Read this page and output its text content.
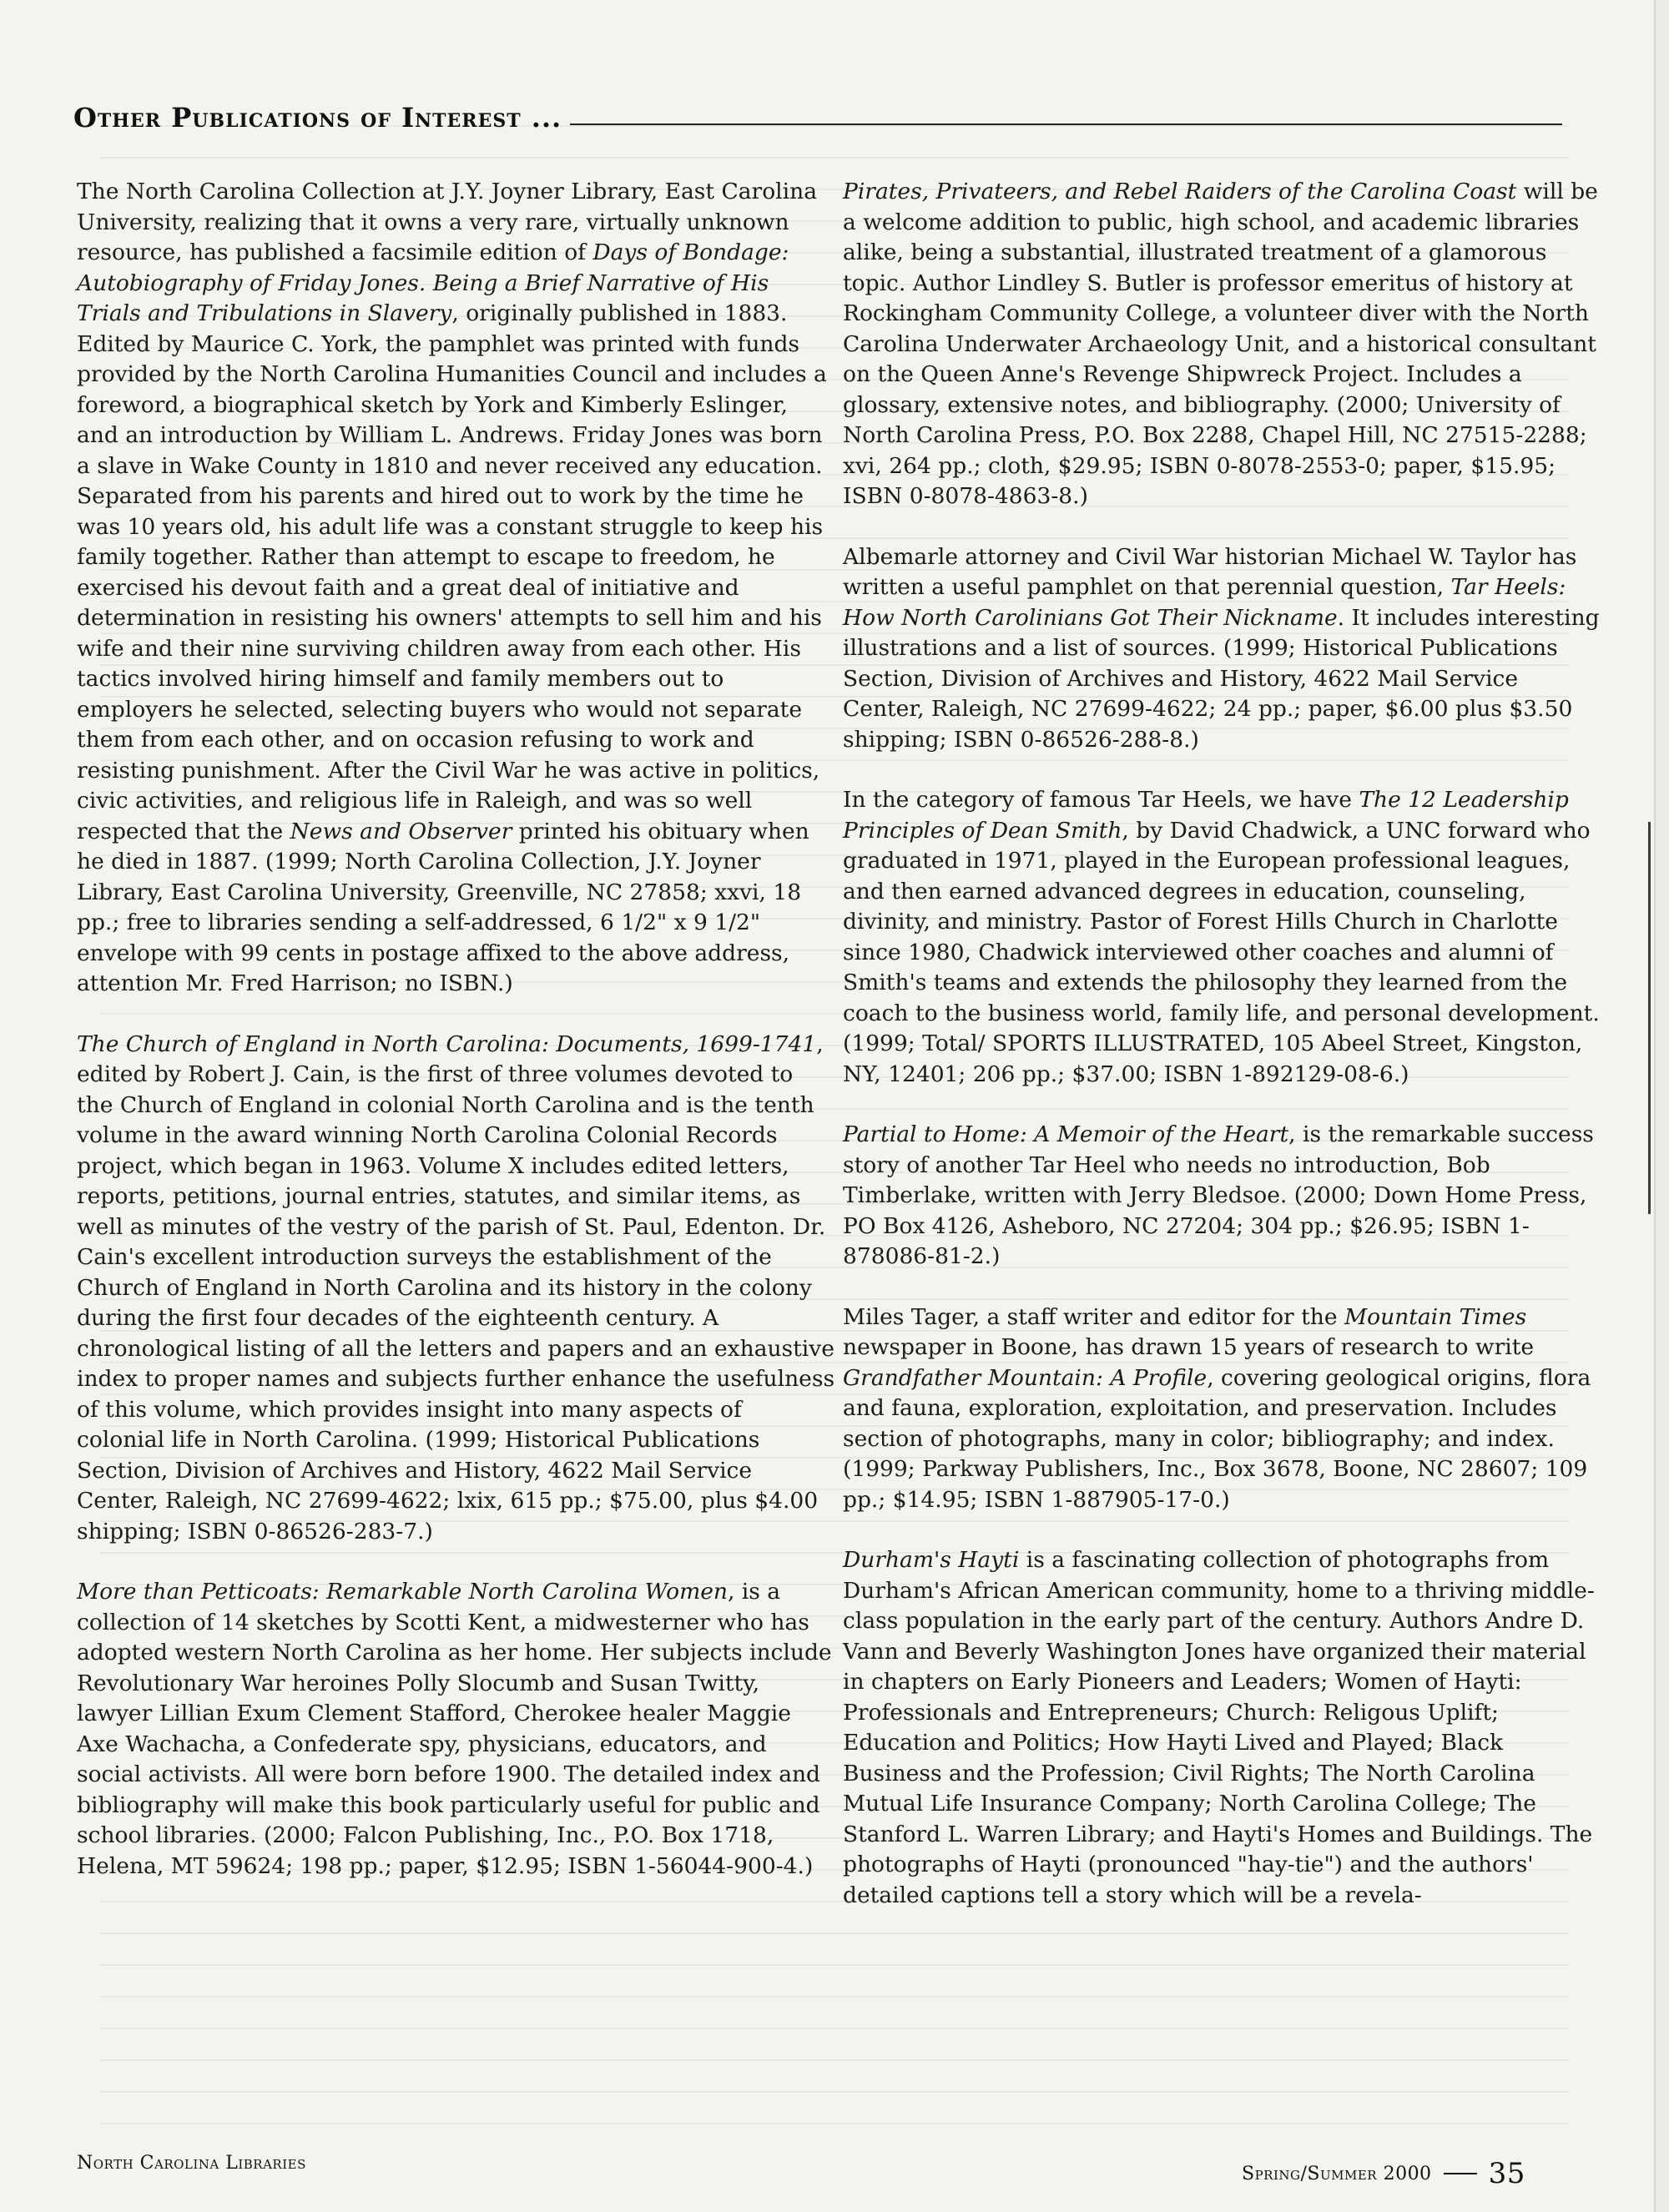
Other Publications of Interest ...

The North Carolina Collection at J.Y. Joyner Library, East Carolina University, realizing that it owns a very rare, virtually unknown resource, has published a facsimile edition of Days of Bondage: Autobiography of Friday Jones. Being a Brief Narrative of His Trials and Tribulations in Slavery, originally published in 1883. Edited by Maurice C. York, the pamphlet was printed with funds provided by the North Carolina Humanities Council and includes a foreword, a biographical sketch by York and Kimberly Eslinger, and an introduction by William L. Andrews. Friday Jones was born a slave in Wake County in 1810 and never received any education. Separated from his parents and hired out to work by the time he was 10 years old, his adult life was a constant struggle to keep his family together. Rather than attempt to escape to freedom, he exercised his devout faith and a great deal of initiative and determination in resisting his owners' attempts to sell him and his wife and their nine surviving children away from each other. His tactics involved hiring himself and family members out to employers he selected, selecting buyers who would not separate them from each other, and on occasion refusing to work and resisting punishment. After the Civil War he was active in politics, civic activities, and religious life in Raleigh, and was so well respected that the News and Observer printed his obituary when he died in 1887. (1999; North Carolina Collection, J.Y. Joyner Library, East Carolina University, Greenville, NC 27858; xxvi, 18 pp.; free to libraries sending a self-addressed, 6 1/2" x 9 1/2" envelope with 99 cents in postage affixed to the above address, attention Mr. Fred Harrison; no ISBN.)

The Church of England in North Carolina: Documents, 1699-1741, edited by Robert J. Cain, is the first of three volumes devoted to the Church of England in colonial North Carolina and is the tenth volume in the award winning North Carolina Colonial Records project, which began in 1963. Volume X includes edited letters, reports, petitions, journal entries, statutes, and similar items, as well as minutes of the vestry of the parish of St. Paul, Edenton. Dr. Cain's excellent introduction surveys the establishment of the Church of England in North Carolina and its history in the colony during the first four decades of the eighteenth century. A chronological listing of all the letters and papers and an exhaustive index to proper names and subjects further enhance the usefulness of this volume, which provides insight into many aspects of colonial life in North Carolina. (1999; Historical Publications Section, Division of Archives and History, 4622 Mail Service Center, Raleigh, NC 27699-4622; lxix, 615 pp.; $75.00, plus $4.00 shipping; ISBN 0-86526-283-7.)

More than Petticoats: Remarkable North Carolina Women, is a collection of 14 sketches by Scotti Kent, a midwesterner who has adopted western North Carolina as her home. Her subjects include Revolutionary War heroines Polly Slocumb and Susan Twitty, lawyer Lillian Exum Clement Stafford, Cherokee healer Maggie Axe Wachacha, a Confederate spy, physicians, educators, and social activists. All were born before 1900. The detailed index and bibliography will make this book particularly useful for public and school libraries. (2000; Falcon Publishing, Inc., P.O. Box 1718, Helena, MT 59624; 198 pp.; paper, $12.95; ISBN 1-56044-900-4.)

Pirates, Privateers, and Rebel Raiders of the Carolina Coast will be a welcome addition to public, high school, and academic libraries alike, being a substantial, illustrated treatment of a glamorous topic. Author Lindley S. Butler is professor emeritus of history at Rockingham Community College, a volunteer diver with the North Carolina Underwater Archaeology Unit, and a historical consultant on the Queen Anne's Revenge Shipwreck Project. Includes a glossary, extensive notes, and bibliography. (2000; University of North Carolina Press, P.O. Box 2288, Chapel Hill, NC 27515-2288; xvi, 264 pp.; cloth, $29.95; ISBN 0-8078-2553-0; paper, $15.95; ISBN 0-8078-4863-8.)

Albemarle attorney and Civil War historian Michael W. Taylor has written a useful pamphlet on that perennial question, Tar Heels: How North Carolinians Got Their Nickname. It includes interesting illustrations and a list of sources. (1999; Historical Publications Section, Division of Archives and History, 4622 Mail Service Center, Raleigh, NC 27699-4622; 24 pp.; paper, $6.00 plus $3.50 shipping; ISBN 0-86526-288-8.)

In the category of famous Tar Heels, we have The 12 Leadership Principles of Dean Smith, by David Chadwick, a UNC forward who graduated in 1971, played in the European professional leagues, and then earned advanced degrees in education, counseling, divinity, and ministry. Pastor of Forest Hills Church in Charlotte since 1980, Chadwick interviewed other coaches and alumni of Smith's teams and extends the philosophy they learned from the coach to the business world, family life, and personal development. (1999; Total/ SPORTS ILLUSTRATED, 105 Abeel Street, Kingston, NY, 12401; 206 pp.; $37.00; ISBN 1-892129-08-6.)

Partial to Home: A Memoir of the Heart, is the remarkable success story of another Tar Heel who needs no introduction, Bob Timberlake, written with Jerry Bledsoe. (2000; Down Home Press, PO Box 4126, Asheboro, NC 27204; 304 pp.; $26.95; ISBN 1-878086-81-2.)

Miles Tager, a staff writer and editor for the Mountain Times newspaper in Boone, has drawn 15 years of research to write Grandfather Mountain: A Profile, covering geological origins, flora and fauna, exploration, exploitation, and preservation. Includes section of photographs, many in color; bibliography; and index. (1999; Parkway Publishers, Inc., Box 3678, Boone, NC 28607; 109 pp.; $14.95; ISBN 1-887905-17-0.)

Durham's Hayti is a fascinating collection of photographs from Durham's African American community, home to a thriving middle-class population in the early part of the century. Authors Andre D. Vann and Beverly Washington Jones have organized their material in chapters on Early Pioneers and Leaders; Women of Hayti: Professionals and Entrepreneurs; Church: Religous Uplift; Education and Politics; How Hayti Lived and Played; Black Business and the Profession; Civil Rights; The North Carolina Mutual Life Insurance Company; North Carolina College; The Stanford L. Warren Library; and Hayti's Homes and Buildings. The photographs of Hayti (pronounced "hay-tie") and the authors' detailed captions tell a story which will be a revela-

North Carolina Libraries	Spring/Summer 2000 35
